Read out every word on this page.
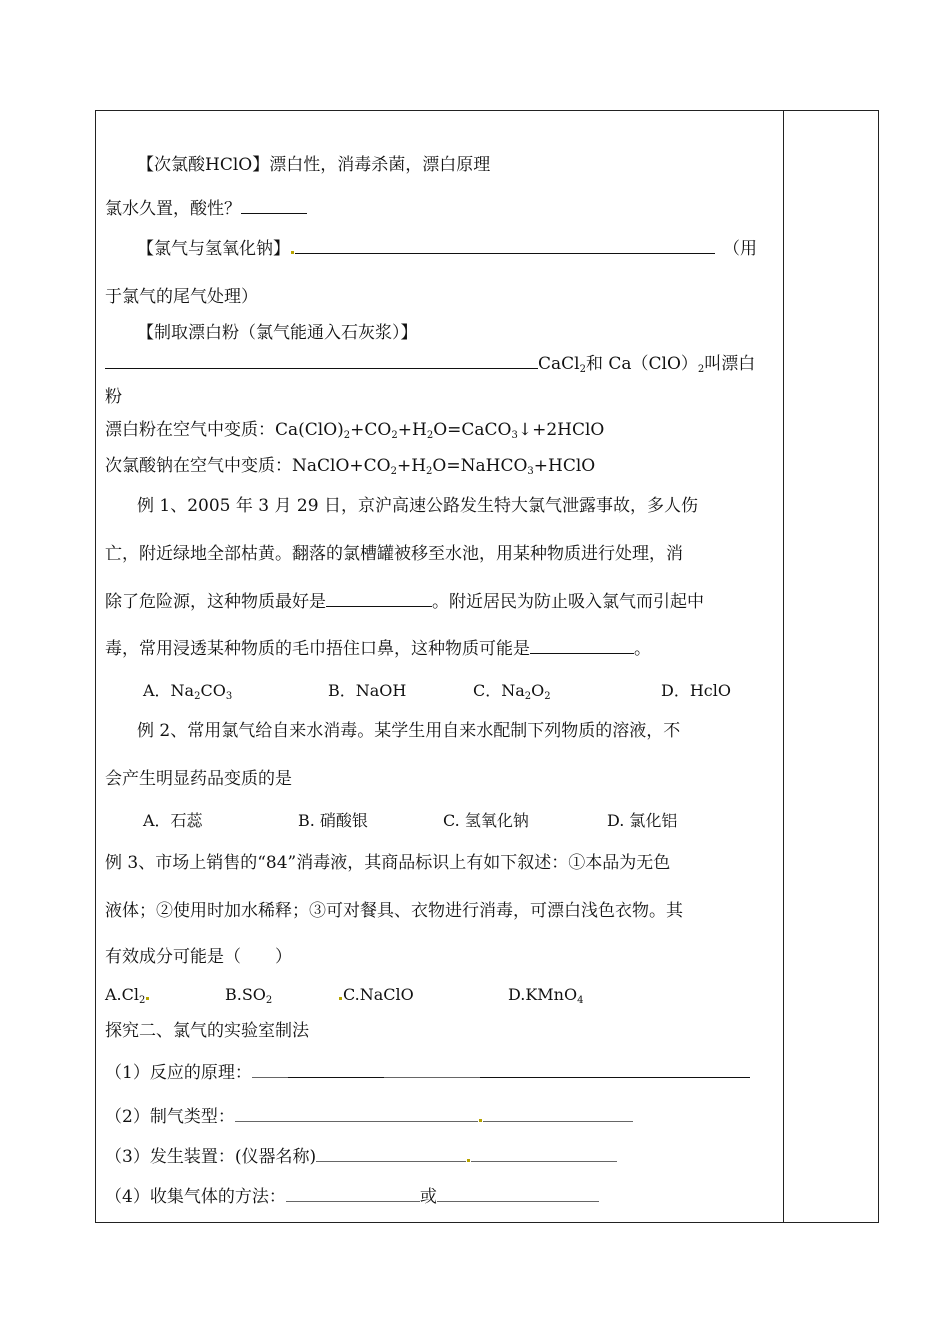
【次氯酸HClO】漂白性，消毒杀菌，漂白原理
氯水久置，酸性？
【氯气与氢氧化钠】	（用
于氯气的尾气处理）
【制取漂白粉（氯气能通入石灰浆）】
CaCl$_2$和 $Ca(ClO)_2$叫漂白
粉
漂白粉在空气中变质：$Ca(ClO)_2+CO_2+H_2O=CaCO_3↓+2HClO$
次氯酸钠在空气中变质：$NaClO+CO_2+H_2O=NaHCO_3+HClO$
例 1、2005 年 3 月 29 日，京沪高速公路发生特大氯气泄露事故，多人伤
亡，附近绿地全部枯黄。翻落的氯槽罐被移至水池，用某种物质进行处理，消
除了危险源，这种物质最好是	。附近居民为防止吸入氯气而引起中
毒，常用浸透某种物质的毛巾捂住口鼻，这种物质可能是	。
A．$Na_2CO_3$	B．NaOH	C．$Na_2O_2$	D．HclO
例 2、常用氯气给自来水消毒。某学生用自来水配制下列物质的溶液，不
会产生明显药品变质的是
A．石蕊	B. 硝酸银	C. 氢氧化钠	D. 氯化铝
例 3、市场上销售的“84”消毒液，其商品标识上有如下叙述：①本品为无色
液体；②使用时加水稀释；③可对餐具、衣物进行消毒，可漂白浅色衣物。其
有效成分可能是（　　）
$A.Cl_2$	$B.SO_2$	C.NaClO	D.KMnO$_4$
探究二、氯气的实验室制法
（1）反应的原理：
（2）制气类型：
（3）发生装置：(仪器名称)
（4）收集气体的方法：	或
